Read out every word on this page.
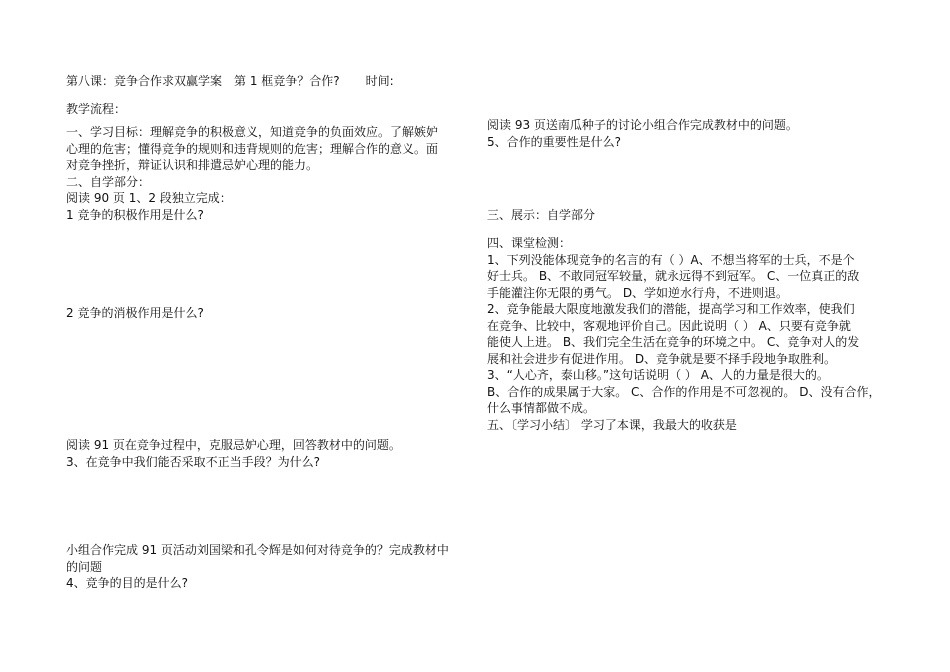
第八课：竞争合作求双赢学案 第 1 框竞争？合作? 时间:

教学流程：

一、学习目标：理解竞争的积极意义，知道竞争的负面效应。了解嫉妒

心理的危害；懂得竞争的规则和违背规则的危害；理解合作的意义。面

对竞争挫折，辩证认识和排遣忌妒心理的能力。

二、自学部分：

阅读 90 页 1、2 段独立完成：

1 竞争的积极作用是什么?

2 竞争的消极作用是什么?

阅读 91 页在竞争过程中，克服忌妒心理，回答教材中的问题。

3、在竞争中我们能否采取不正当手段？为什么?

小组合作完成 91 页活动刘国梁和孔令辉是如何对待竞争的？完成教材中

的问题

4、竞争的目的是什么?

阅读 93 页送南瓜种子的讨论小组合作完成教材中的问题。

5、合作的重要性是什么?

三、展示：自学部分

四、课堂检测：

1、下列没能体现竞争的名言的有（ ）A、不想当将军的士兵，不是个

好士兵。 B、不敢同冠军较量，就永远得不到冠军。 C、一位真正的敌

手能灌注你无限的勇气。 D、学如逆水行舟，不进则退。

2、竞争能最大限度地激发我们的潜能，提高学习和工作效率，使我们

在竞争、比较中，客观地评价自己。因此说明（ ） A、只要有竞争就

能使人上进。 B、我们完全生活在竞争的环境之中。 C、竞争对人的发

展和社会进步有促进作用。 D、竞争就是要不择手段地争取胜利。

3、“人心齐，泰山移。”这句话说明（ ） A、人的力量是很大的。

B、合作的成果属于大家。 C、合作的作用是不可忽视的。 D、没有合作，

什么事情都做不成。

五、〔学习小结〕 学习了本课，我最大的收获是
